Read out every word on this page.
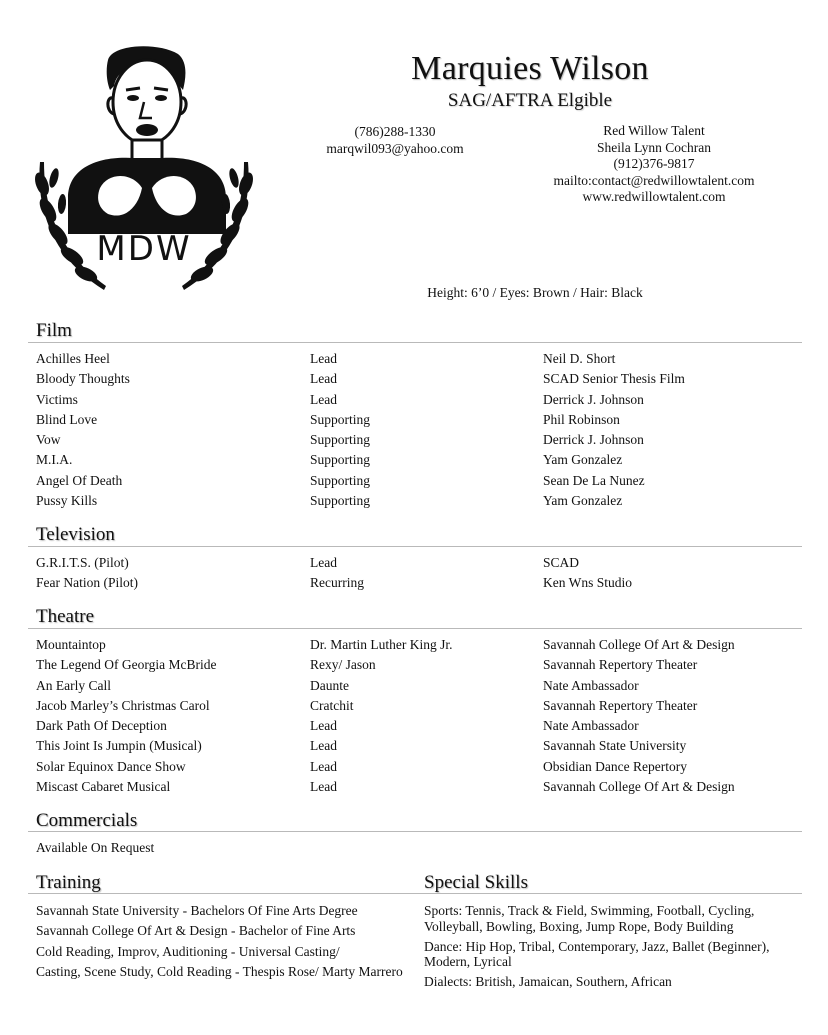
MDW
Marquies Wilson
SAG/AFTRA Elgible
(786)288-1330
marqwil093@yahoo.com
Red Willow Talent
Sheila Lynn Cochran
(912)376-9817
mailto:contact@redwillowtalent.com
www.redwillowtalent.com
Height: 6’0 / Eyes: Brown / Hair: Black
Film
Achilles Heel	Lead	Neil D. Short
Bloody Thoughts	Lead	SCAD Senior Thesis Film
Victims	Lead	Derrick J. Johnson
Blind Love	Supporting	Phil Robinson
Vow	Supporting	Derrick J. Johnson
M.I.A.	Supporting	Yam Gonzalez
Angel Of Death	Supporting	Sean De La Nunez
Pussy Kills	Supporting	Yam Gonzalez
Television
G.R.I.T.S. (Pilot)	Lead	SCAD
Fear Nation (Pilot)	Recurring	Ken Wns Studio
Theatre
Mountaintop	Dr. Martin Luther King Jr.	Savannah College Of Art & Design
The Legend Of Georgia McBride	Rexy/ Jason	Savannah Repertory Theater
An Early Call	Daunte	Nate Ambassador
Jacob Marley’s Christmas Carol	Cratchit	Savannah Repertory Theater
Dark Path Of Deception	Lead	Nate Ambassador
This Joint Is Jumpin (Musical)	Lead	Savannah State University
Solar Equinox Dance Show	Lead	Obsidian Dance Repertory
Miscast Cabaret Musical	Lead	Savannah College Of Art & Design
Commercials
Available On Request
Training
Savannah State University - Bachelors Of Fine Arts Degree
Savannah College Of Art & Design - Bachelor of Fine Arts
Cold Reading, Improv, Auditioning - Universal Casting/
Casting, Scene Study, Cold Reading - Thespis Rose/ Marty Marrero
Special Skills
Sports: Tennis, Track & Field, Swimming, Football, Cycling, Volleyball, Bowling, Boxing, Jump Rope, Body Building
Dance: Hip Hop, Tribal, Contemporary, Jazz, Ballet (Beginner), Modern, Lyrical
Dialects: British, Jamaican, Southern, African
